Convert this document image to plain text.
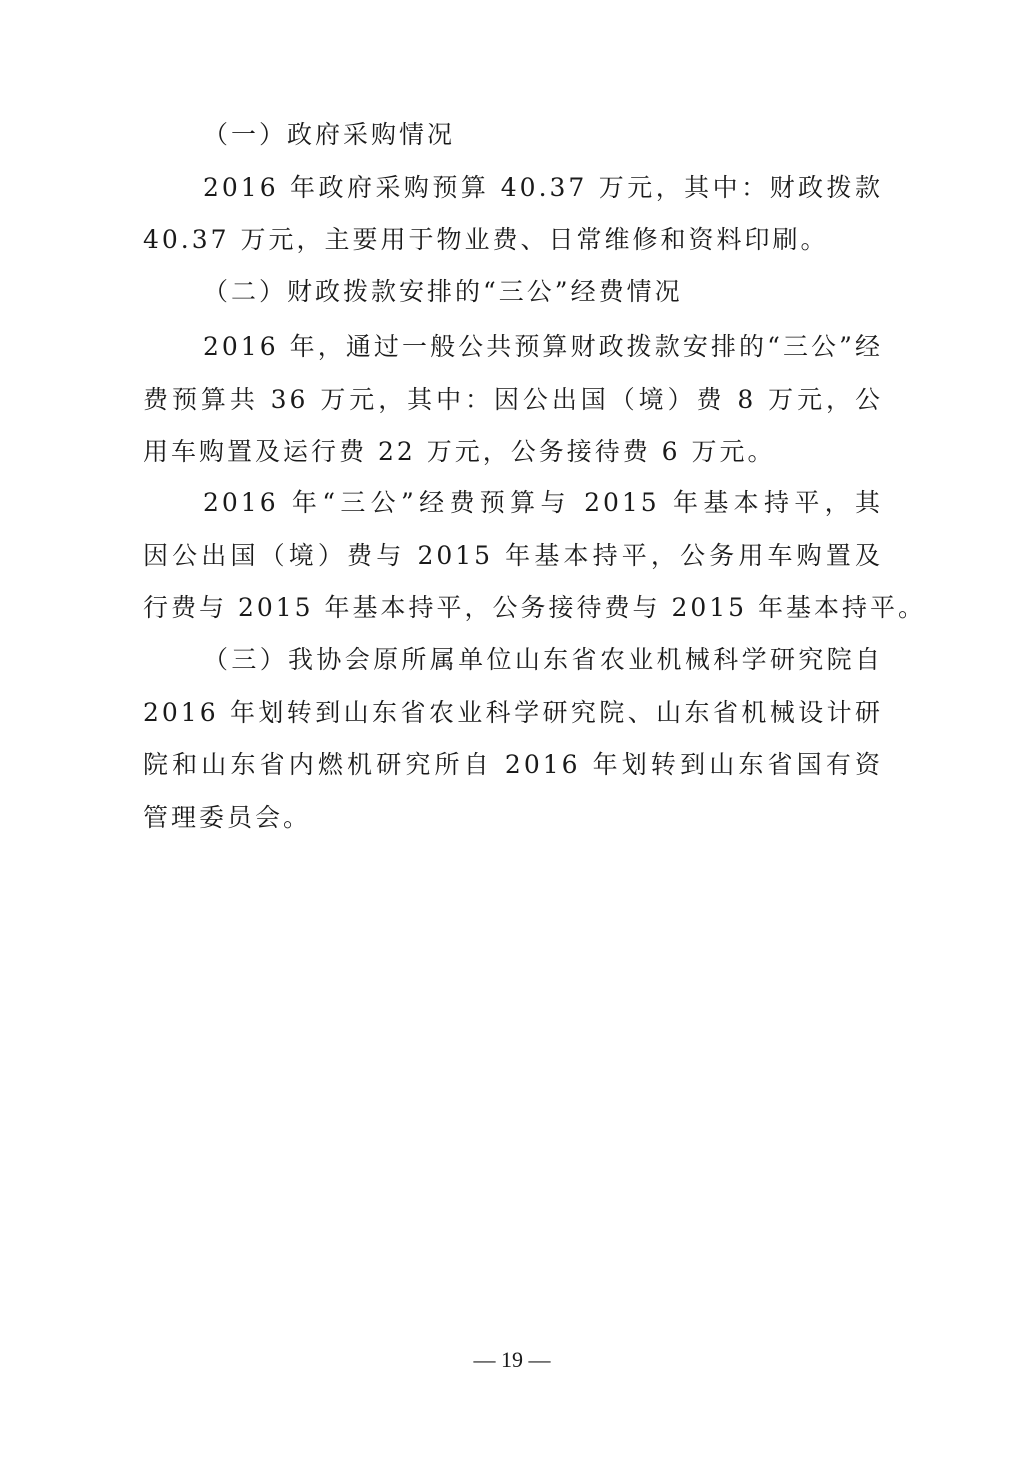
（一）政府采购情况
2016 年政府采购预算 40.37 万元，其中：财政拨款
40.37 万元，主要用于物业费、日常维修和资料印刷。
（二）财政拨款安排的“三公”经费情况
2016 年，通过一般公共预算财政拨款安排的“三公”经
费预算共 36 万元，其中：因公出国（境）费 8 万元，公
用车购置及运行费 22 万元，公务接待费 6 万元。
2016 年“三公”经费预算与 2015 年基本持平，其
因公出国（境）费与 2015 年基本持平，公务用车购置及
行费与 2015 年基本持平，公务接待费与 2015 年基本持平。
（三）我协会原所属单位山东省农业机械科学研究院自
2016 年划转到山东省农业科学研究院、山东省机械设计研
院和山东省内燃机研究所自 2016 年划转到山东省国有资
管理委员会。
— 19 —
